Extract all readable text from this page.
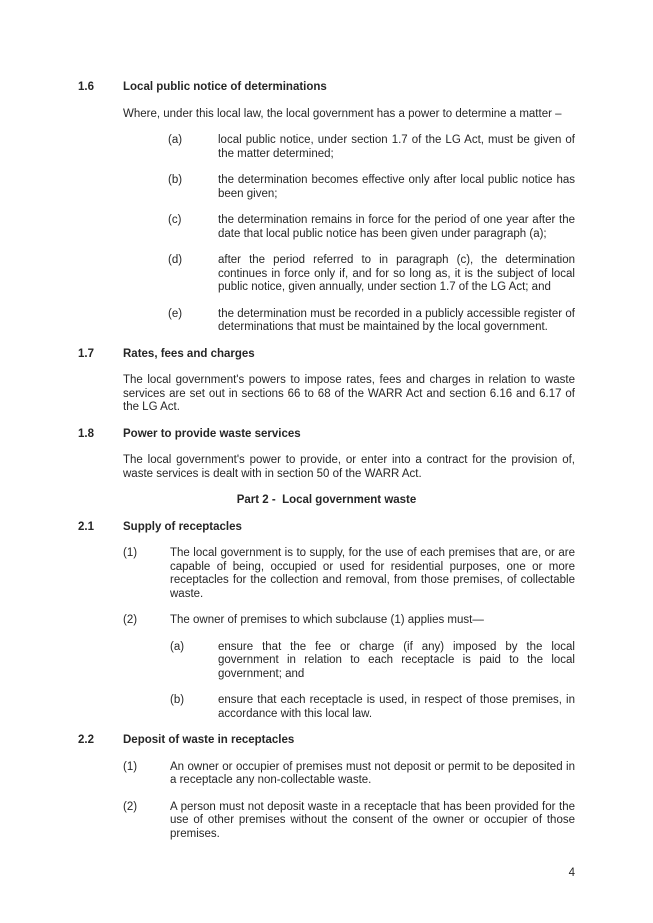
1.6	Local public notice of determinations

Where, under this local law, the local government has a power to determine a matter –

(a)	local public notice, under section 1.7 of the LG Act, must be given of the matter determined;

(b)	the determination becomes effective only after local public notice has been given;

(c)	the determination remains in force for the period of one year after the date that local public notice has been given under paragraph (a);

(d)	after the period referred to in paragraph (c), the determination continues in force only if, and for so long as, it is the subject of local public notice, given annually, under section 1.7 of the LG Act; and

(e)	the determination must be recorded in a publicly accessible register of determinations that must be maintained by the local government.

1.7	Rates, fees and charges

The local government's powers to impose rates, fees and charges in relation to waste services are set out in sections 66 to 68 of the WARR Act and section 6.16 and 6.17 of the LG Act.

1.8	Power to provide waste services

The local government's power to provide, or enter into a contract for the provision of, waste services is dealt with in section 50 of the WARR Act.

Part 2 -  Local government waste

2.1	Supply of receptacles
(1)	The local government is to supply, for the use of each premises that are, or are capable of being, occupied or used for residential purposes, one or more receptacles for the collection and removal, from those premises, of collectable waste.

(2)	The owner of premises to which subclause (1) applies must—

(a)	ensure that the fee or charge (if any) imposed by the local government in relation to each receptacle is paid to the local government; and

(b)	ensure that each receptacle is used, in respect of those premises, in accordance with this local law.

2.2	Deposit of waste in receptacles
(1)	An owner or occupier of premises must not deposit or permit to be deposited in a receptacle any non-collectable waste.

(2)	A person must not deposit waste in a receptacle that has been provided for the use of other premises without the consent of the owner or occupier of those premises.

4
